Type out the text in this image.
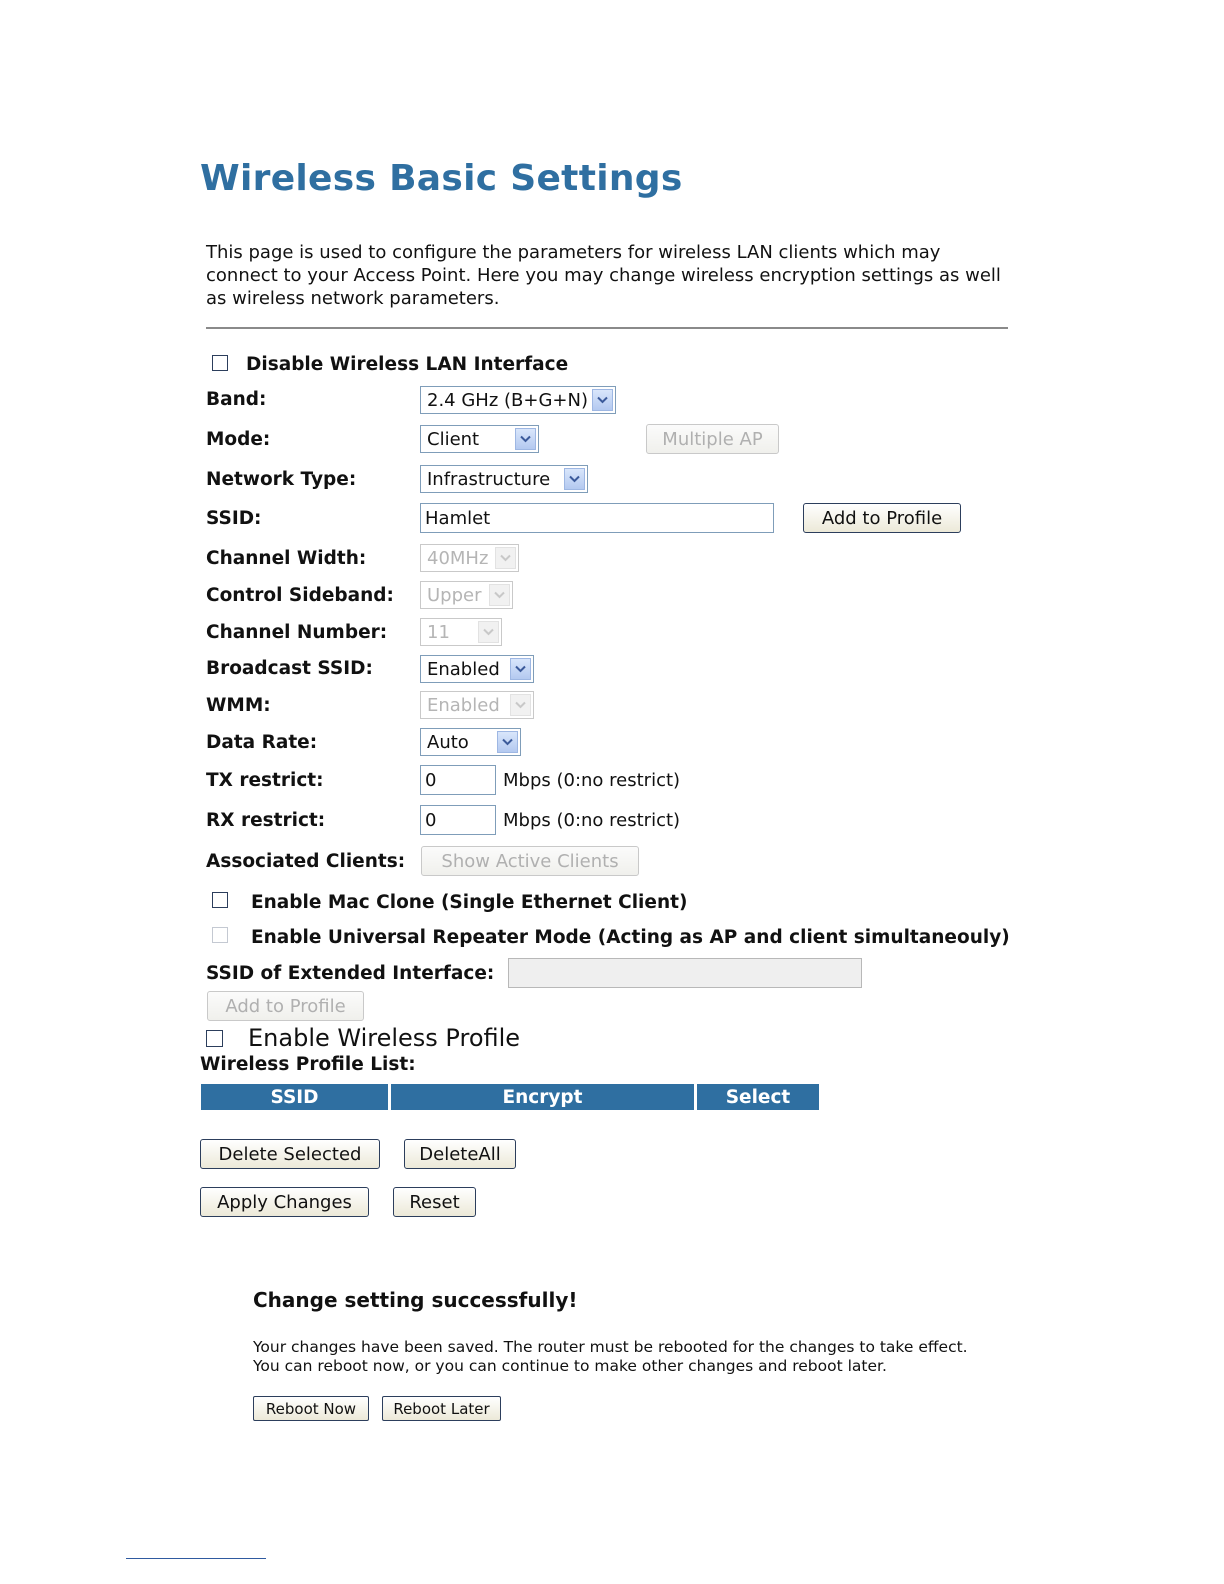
Wireless Basic Settings
This page is used to configure the parameters for wireless LAN clients which may connect to your Access Point. Here you may change wireless encryption settings as well as wireless network parameters.
Disable Wireless LAN Interface
Band:	2.4 GHz (B+G+N)
Mode:	Client	Multiple AP
Network Type:	Infrastructure
SSID:	Hamlet	Add to Profile
Channel Width:	40MHz
Control Sideband: Upper
Channel Number: 11
Broadcast SSID:	Enabled
WMM:	Enabled
Data Rate:	Auto
TX restrict:	0	Mbps (0:no restrict)
RX restrict:	0	Mbps (0:no restrict)
Associated Clients:	Show Active Clients
Enable Mac Clone (Single Ethernet Client)
Enable Universal Repeater Mode (Acting as AP and client simultaneouly)
SSID of Extended Interface:
Add to Profile
Enable Wireless Profile
Wireless Profile List:
SSID	Encrypt	Select
Delete Selected	DeleteAll
Apply Changes	Reset
Change setting successfully!
Your changes have been saved. The router must be rebooted for the changes to take effect.
You can reboot now, or you can continue to make other changes and reboot later.
Reboot Now	Reboot Later
